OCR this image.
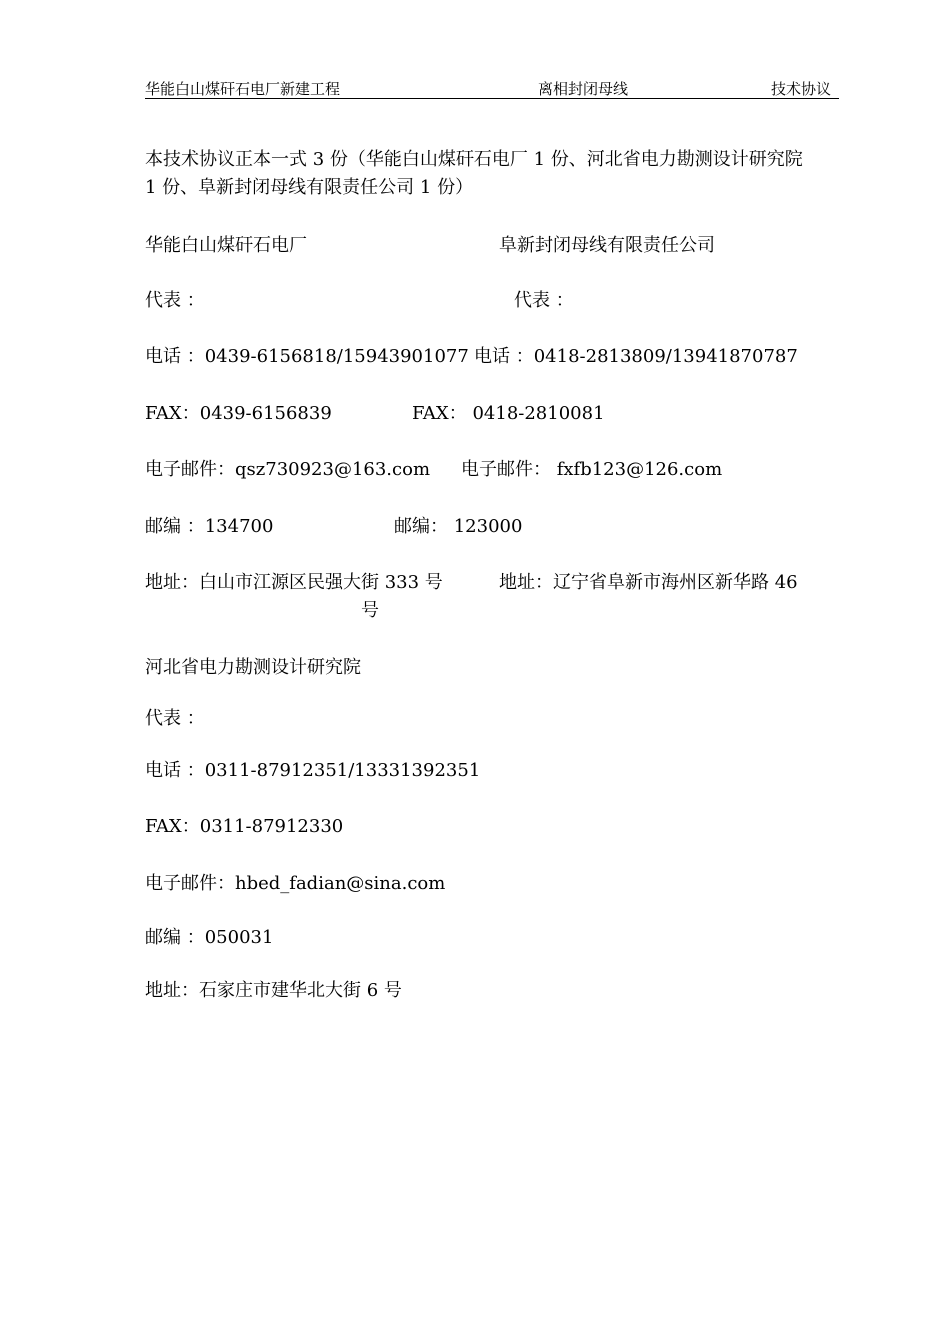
华能白山煤矸石电厂新建工程	离相封闭母线	技术协议
本技术协议正本一式 3 份（华能白山煤矸石电厂 1 份、河北省电力勘测设计研究院
1 份、阜新封闭母线有限责任公司 1 份）
华能白山煤矸石电厂
代表 ：
电话 ：0439-6156818/15943901077
FAX：0439-6156839
电子邮件：qsz730923@163.com
邮编 ：134700
地址：白山市江源区民强大街 333 号
号
阜新封闭母线有限责任公司
代表 ：
电话 ：0418-2813809/13941870787
FAX： 0418-2810081
电子邮件： fxfb123@126.com
邮编： 123000
地址：辽宁省阜新市海州区新华路 46
河北省电力勘测设计研究院
代表 ：
电话 ：0311-87912351/13331392351
FAX：0311-87912330
电子邮件：hbed_fadian@sina.com
邮编 ：050031
地址：石家庄市建华北大街 6 号
